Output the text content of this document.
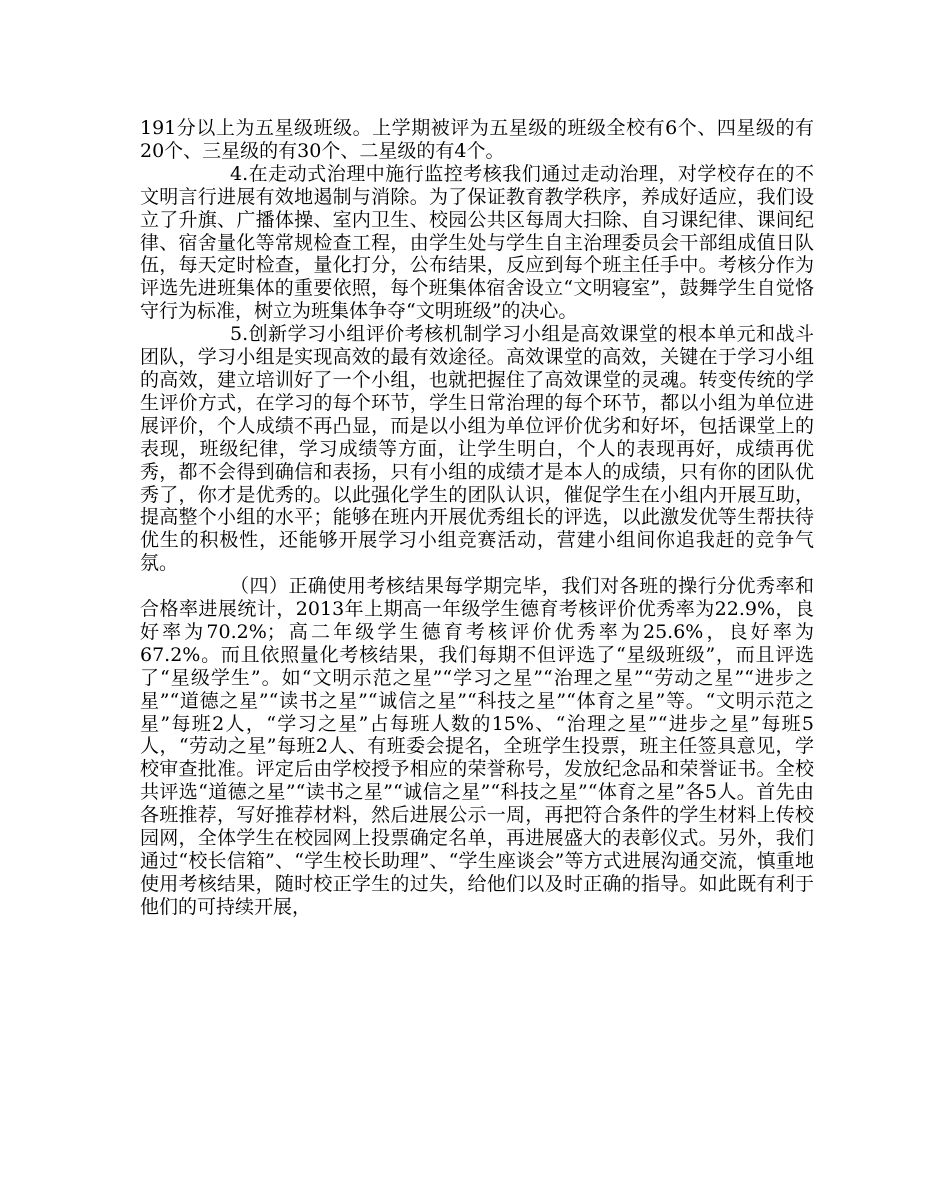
191分以上为五星级班级。上学期被评为五星级的班级全校有6个、四星级的有20个、三星级的有30个、二星级的有4个。

4.在走动式治理中施行监控考核我们通过走动治理，对学校存在的不文明言行进展有效地遏制与消除。为了保证教育教学秩序，养成好适应，我们设立了升旗、广播体操、室内卫生、校园公共区每周大扫除、自习课纪律、课间纪律、宿舍量化等常规检查工程，由学生处与学生自主治理委员会干部组成值日队伍，每天定时检查，量化打分，公布结果，反应到每个班主任手中。考核分作为评选先进班集体的重要依照，每个班集体宿舍设立“文明寝室”，鼓舞学生自觉恪守行为标准，树立为班集体争夺“文明班级”的决心。

5.创新学习小组评价考核机制学习小组是高效课堂的根本单元和战斗团队，学习小组是实现高效的最有效途径。高效课堂的高效，关键在于学习小组的高效，建立培训好了一个小组，也就把握住了高效课堂的灵魂。转变传统的学生评价方式，在学习的每个环节，学生日常治理的每个环节，都以小组为单位进展评价，个人成绩不再凸显，而是以小组为单位评价优劣和好坏，包括课堂上的表现，班级纪律，学习成绩等方面，让学生明白，个人的表现再好，成绩再优秀，都不会得到确信和表扬，只有小组的成绩才是本人的成绩，只有你的团队优秀了，你才是优秀的。以此强化学生的团队认识，催促学生在小组内开展互助，提高整个小组的水平；能够在班内开展优秀组长的评选，以此激发优等生帮扶待优生的积极性，还能够开展学习小组竞赛活动，营建小组间你追我赶的竞争气氛。

（四）正确使用考核结果每学期完毕，我们对各班的操行分优秀率和合格率进展统计，2013年上期高一年级学生德育考核评价优秀率为22.9%，良好率为70.2%；高二年级学生德育考核评价优秀率为25.6%，良好率为67.2%。而且依照量化考核结果，我们每期不但评选了“星级班级”，而且评选了“星级学生”。如“文明示范之星”“学习之星”“治理之星”“劳动之星”“进步之星”“道德之星”“读书之星”“诚信之星”“科技之星”“体育之星”等。“文明示范之星”每班2人，“学习之星”占每班人数的15%、“治理之星”“进步之星”每班5人，“劳动之星”每班2人、有班委会提名，全班学生投票，班主任签具意见，学校审查批准。评定后由学校授予相应的荣誉称号，发放纪念品和荣誉证书。全校共评选“道德之星”“读书之星”“诚信之星”“科技之星”“体育之星”各5人。首先由各班推荐，写好推荐材料，然后进展公示一周，再把符合条件的学生材料上传校园网，全体学生在校园网上投票确定名单，再进展盛大的表彰仪式。另外，我们通过“校长信箱”、“学生校长助理”、“学生座谈会”等方式进展沟通交流，慎重地使用考核结果，随时校正学生的过失，给他们以及时正确的指导。如此既有利于他们的可持续开展，
